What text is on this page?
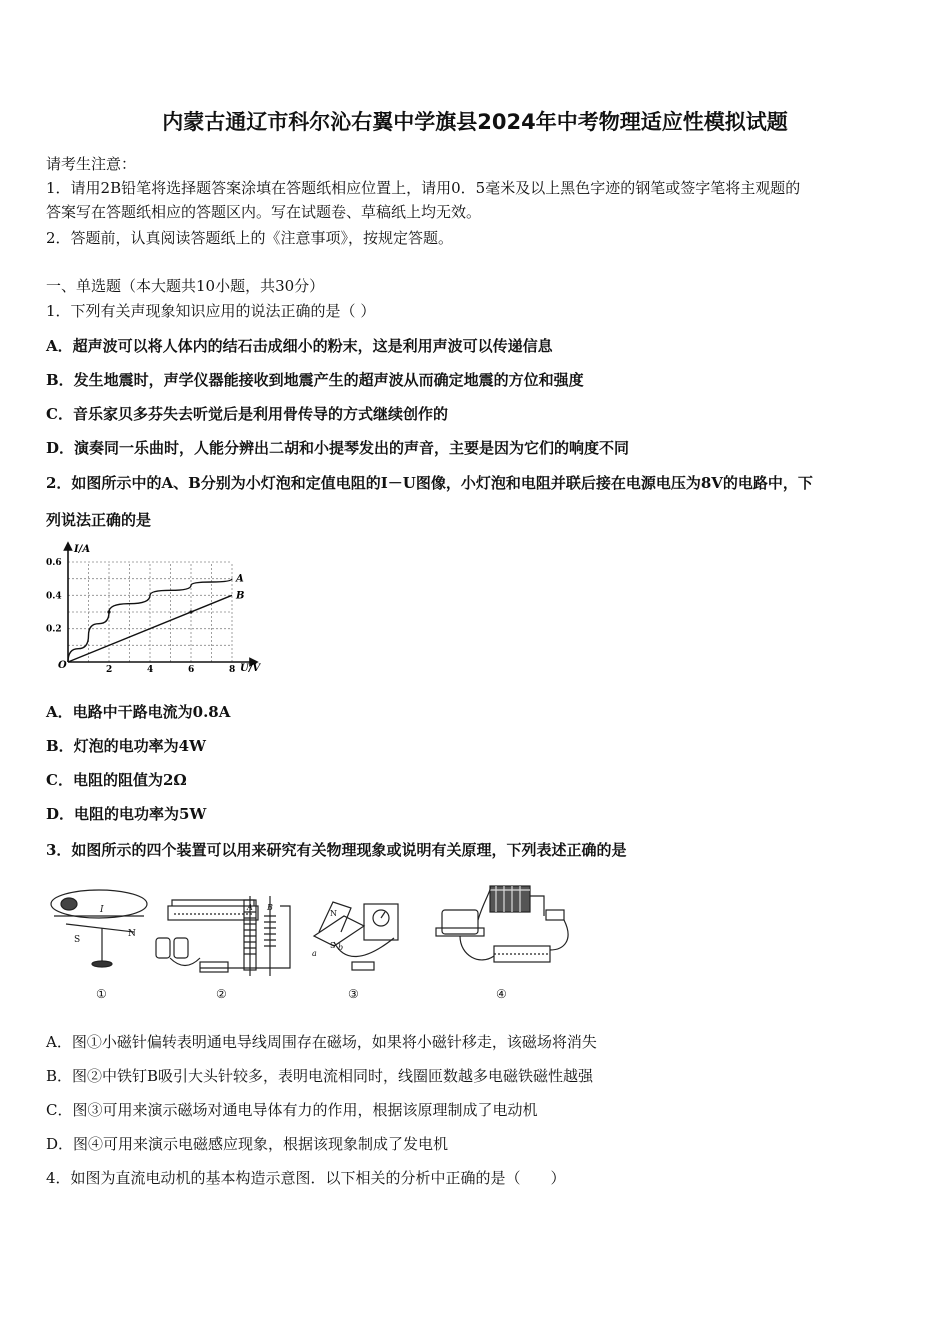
内蒙古通辽市科尔沁右翼中学旗县2024年中考物理适应性模拟试题
请考生注意：
1．请用2B铅笔将选择题答案涂填在答题纸相应位置上，请用0．5毫米及以上黑色字迹的钢笔或签字笔将主观题的
答案写在答题纸相应的答题区内。写在试题卷、草稿纸上均无效。
2．答题前，认真阅读答题纸上的《注意事项》，按规定答题。
一、单选题（本大题共10小题，共30分）
1．下列有关声现象知识应用的说法正确的是（ ）
A．超声波可以将人体内的结石击成细小的粉末，这是利用声波可以传递信息
B．发生地震时，声学仪器能接收到地震产生的超声波从而确定地震的方位和强度
C．音乐家贝多芬失去听觉后是利用骨传导的方式继续创作的
D．演奏同一乐曲时，人能分辨出二胡和小提琴发出的声音，主要是因为它们的响度不同
2．如图所示中的A、B分别为小灯泡和定值电阻的I－U图像，小灯泡和电阻并联后接在电源电压为8V的电路中，下
列说法正确的是
2	4	6	8
0.2
0.4
0.6
A
B
I/A
U/V
O
A．电路中干路电流为0.8A
B．灯泡的电功率为4W
C．电阻的阻值为2Ω
D．电阻的电功率为5W
3．如图所示的四个装置可以用来研究有关物理现象或说明有关原理，下列表述正确的是
I
S
N
A B
N
S
a
b
①	②	③	④
A．图①小磁针偏转表明通电导线周围存在磁场，如果将小磁针移走，该磁场将消失
B．图②中铁钉B吸引大头针较多，表明电流相同时，线圈匝数越多电磁铁磁性越强
C．图③可用来演示磁场对通电导体有力的作用，根据该原理制成了电动机
D．图④可用来演示电磁感应现象，根据该现象制成了发电机
4．如图为直流电动机的基本构造示意图．以下相关的分析中正确的是（　　）
